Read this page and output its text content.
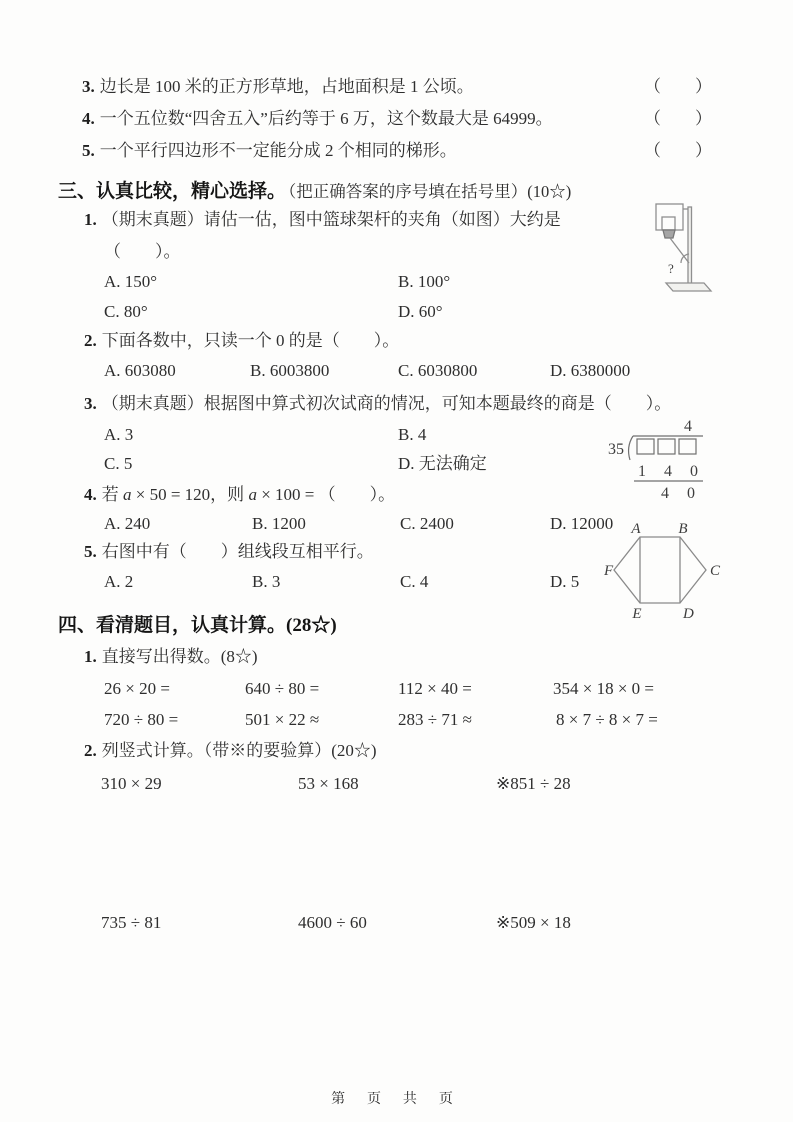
3. 边长是 100 米的正方形草地，占地面积是 1 公顷。	（　　）
4. 一个五位数“四舍五入”后约等于 6 万，这个数最大是 64999。	（　　）
5. 一个平行四边形不一定能分成 2 个相同的梯形。	（　　）
三、认真比较，精心选择。 （把正确答案的序号填在括号里）(10☆)
1. （期末真题）请估一估，图中篮球架杆的夹角（如图）大约是
（　　）。
A. 150°	B. 100°
C. 80°	D. 60°
?
2. 下面各数中，只读一个 0 的是（　　）。
A. 603080	B. 6003800	C. 6030800	D. 6380000
3. （期末真题）根据图中算式初次试商的情况，可知本题最终的商是（　　）。
A. 3	B. 4
C. 5	D. 无法确定
4
35
1 4 0
4 0
4. 若 a × 50 = 120，则 a × 100 = （　　）。
A. 240	B. 1200	C. 2400	D. 12000
5. 右图中有（　　）组线段互相平行。
A. 2	B. 3	C. 4	D. 5
A	B
C
D
E
F
四、看清题目，认真计算。(28☆)
1. 直接写出得数。(8☆)
26 × 20 =	640 ÷ 80 =	112 × 40 =	354 × 18 × 0 =
720 ÷ 80 =	501 × 22 ≈	283 ÷ 71 ≈	8 × 7 ÷ 8 × 7 =
2. 列竖式计算。（带※的要验算）(20☆)
310 × 29	53 × 168	※851 ÷ 28
735 ÷ 81	4600 ÷ 60	※509 × 18
第 页 共 页
